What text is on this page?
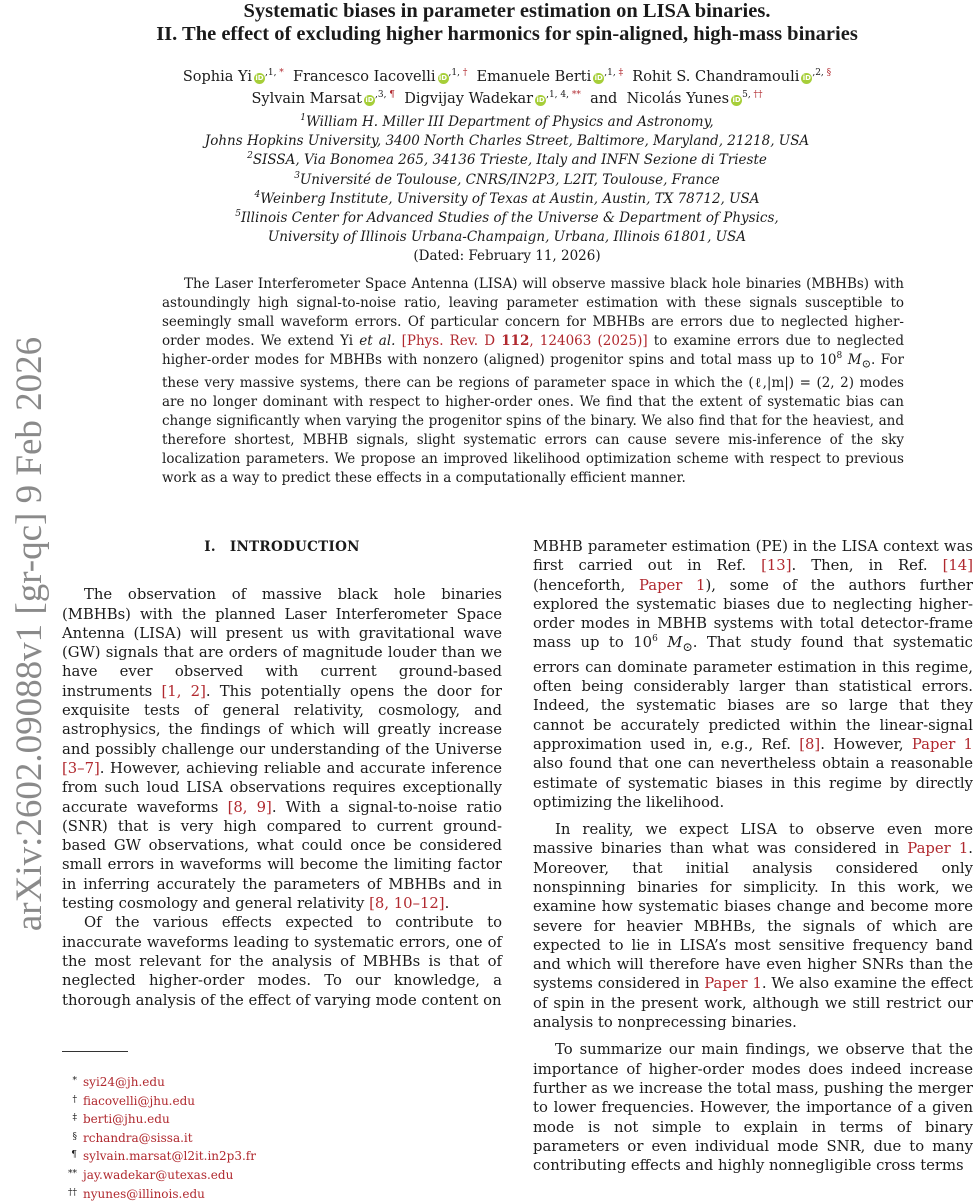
arXiv:2602.09088v1 [gr-qc] 9 Feb 2026
Systematic biases in parameter estimation on LISA binaries.
II. The effect of excluding higher harmonics for spin-aligned, high-mass binaries
Sophia Yi $iD^{,1,}$ * Francesco Iacovelli $iD^{,1,}$ † Emanuele Berti $iD^{,1,}$ ‡ Rohit S. Chandramouli $iD^{,2,}$ §
Sylvain Marsat $iD^{,3,}$ ¶ Digvijay Wadekar $iD^{,1, 4,}$ ** and Nicolás Yunes $iD^{5,}$ ††
$^1$William H. Miller III Department of Physics and Astronomy,
Johns Hopkins University, 3400 North Charles Street, Baltimore, Maryland, 21218, USA
$^2$SISSA, Via Bonomea 265, 34136 Trieste, Italy and INFN Sezione di Trieste
$^3$Université de Toulouse, CNRS/IN2P3, L2IT, Toulouse, France
$^4$Weinberg Institute, University of Texas at Austin, Austin, TX 78712, USA
$^5$Illinois Center for Advanced Studies of the Universe & Department of Physics,
University of Illinois Urbana-Champaign, Urbana, Illinois 61801, USA
(Dated: February 11, 2026)
The Laser Interferometer Space Antenna (LISA) will observe massive black hole binaries (MBHBs) with astoundingly high signal-to-noise ratio, leaving parameter estimation with these signals susceptible to seemingly small waveform errors. Of particular concern for MBHBs are errors due to neglected higher-order modes. We extend Yi et al. [Phys. Rev. D 112, 124063 (2025)] to examine errors due to neglected higher-order modes for MBHBs with nonzero (aligned) progenitor spins and total mass up to $10^8$ $M_⊙$. For these very massive systems, there can be regions of parameter space in which the (ℓ,|m|) = (2, 2) modes are no longer dominant with respect to higher-order ones. We find that the extent of systematic bias can change significantly when varying the progenitor spins of the binary. We also find that for the heaviest, and therefore shortest, MBHB signals, slight systematic errors can cause severe mis-inference of the sky localization parameters. We propose an improved likelihood optimization scheme with respect to previous work as a way to predict these effects in a computationally efficient manner.
I. INTRODUCTION

The observation of massive black hole binaries (MBHBs) with the planned Laser Interferometer Space Antenna (LISA) will present us with gravitational wave (GW) signals that are orders of magnitude louder than we have ever observed with current ground-based instruments [1, 2]. This potentially opens the door for exquisite tests of general relativity, cosmology, and astrophysics, the findings of which will greatly increase and possibly challenge our understanding of the Universe [3–7]. However, achieving reliable and accurate inference from such loud LISA observations requires exceptionally accurate waveforms [8, 9]. With a signal-to-noise ratio (SNR) that is very high compared to current ground-based GW observations, what could once be considered small errors in waveforms will become the limiting factor in inferring accurately the parameters of MBHBs and in testing cosmology and general relativity [8, 10–12].

Of the various effects expected to contribute to inaccurate waveforms leading to systematic errors, one of the most relevant for the analysis of MBHBs is that of neglected higher-order modes. To our knowledge, a thorough analysis of the effect of varying mode content on

MBHB parameter estimation (PE) in the LISA context was first carried out in Ref. [13]. Then, in Ref. [14] (henceforth, Paper 1), some of the authors further explored the systematic biases due to neglecting higher-order modes in MBHB systems with total detector-frame mass up to $10^6$ $M_⊙$. That study found that systematic errors can dominate parameter estimation in this regime, often being considerably larger than statistical errors. Indeed, the systematic biases are so large that they cannot be accurately predicted within the linear-signal approximation used in, e.g., Ref. [8]. However, Paper 1 also found that one can nevertheless obtain a reasonable estimate of systematic biases in this regime by directly optimizing the likelihood.

In reality, we expect LISA to observe even more massive binaries than what was considered in Paper 1. Moreover, that initial analysis considered only nonspinning binaries for simplicity. In this work, we examine how systematic biases change and become more severe for heavier MBHBs, the signals of which are expected to lie in LISA’s most sensitive frequency band and which will therefore have even higher SNRs than the systems considered in Paper 1. We also examine the effect of spin in the present work, although we still restrict our analysis to nonprecessing binaries.

To summarize our main findings, we observe that the importance of higher-order modes does indeed increase further as we increase the total mass, pushing the merger to lower frequencies. However, the importance of a given mode is not simple to explain in terms of binary parameters or even individual mode SNR, due to many contributing effects and highly nonnegligible cross terms

* syi24@jh.edu
† fiacovelli@jhu.edu
‡ berti@jhu.edu
§ rchandra@sissa.it
¶ sylvain.marsat@l2it.in2p3.fr
** jay.wadekar@utexas.edu
†† nyunes@illinois.edu
